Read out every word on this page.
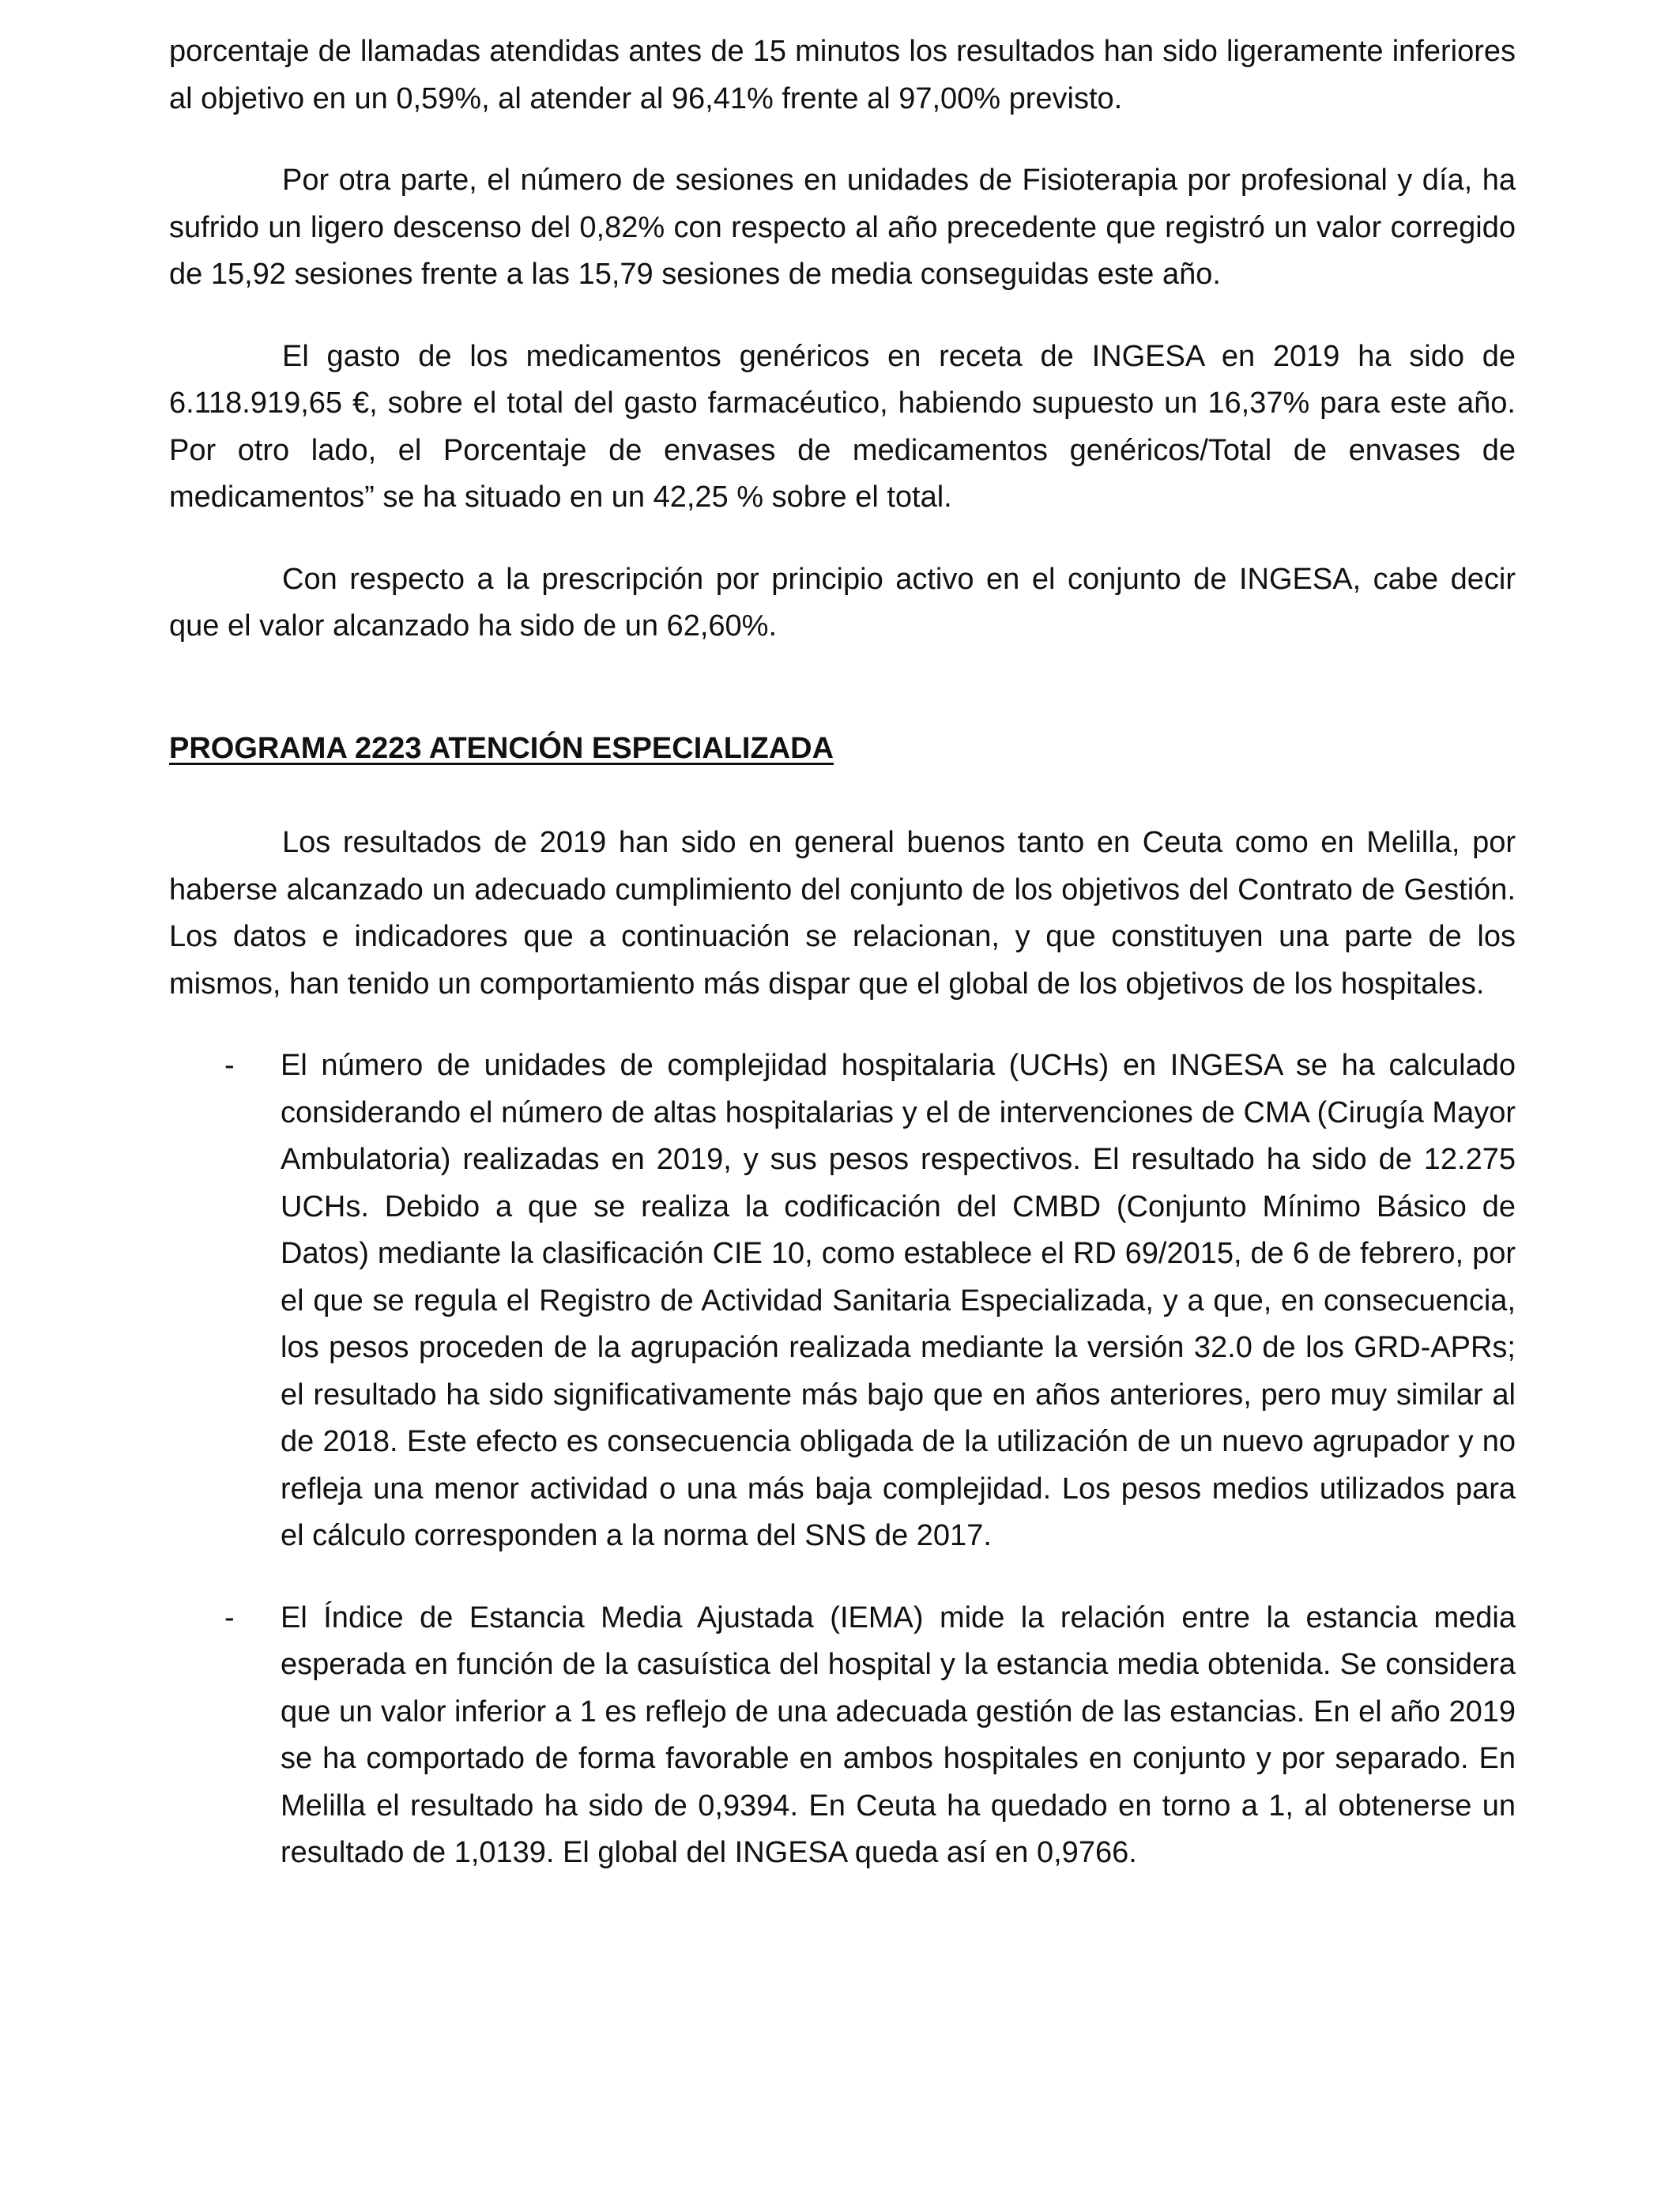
porcentaje de llamadas atendidas antes de 15 minutos los resultados han sido ligeramente inferiores al objetivo en un 0,59%, al atender al 96,41% frente al 97,00% previsto.

Por otra parte, el número de sesiones en unidades de Fisioterapia por profesional y día, ha sufrido un ligero descenso del 0,82% con respecto al año precedente que registró un valor corregido de 15,92 sesiones frente a las 15,79 sesiones de media conseguidas este año.

El gasto de los medicamentos genéricos en receta de INGESA en 2019 ha sido de 6.118.919,65 €, sobre el total del gasto farmacéutico, habiendo supuesto un 16,37% para este año. Por otro lado, el Porcentaje de envases de medicamentos genéricos/Total de envases de medicamentos” se ha situado en un 42,25 % sobre el total.

Con respecto a la prescripción por principio activo en el conjunto de INGESA, cabe decir que el valor alcanzado ha sido de un 62,60%.

PROGRAMA 2223 ATENCIÓN ESPECIALIZADA

Los resultados de 2019 han sido en general buenos tanto en Ceuta como en Melilla, por haberse alcanzado un adecuado cumplimiento del conjunto de los objetivos del Contrato de Gestión. Los datos e indicadores que a continuación se relacionan, y que constituyen una parte de los mismos, han tenido un comportamiento más dispar que el global de los objetivos de los hospitales.

- El número de unidades de complejidad hospitalaria (UCHs) en INGESA se ha calculado considerando el número de altas hospitalarias y el de intervenciones de CMA (Cirugía Mayor Ambulatoria) realizadas en 2019, y sus pesos respectivos. El resultado ha sido de 12.275 UCHs. Debido a que se realiza la codificación del CMBD (Conjunto Mínimo Básico de Datos) mediante la clasificación CIE 10, como establece el RD 69/2015, de 6 de febrero, por el que se regula el Registro de Actividad Sanitaria Especializada, y a que, en consecuencia, los pesos proceden de la agrupación realizada mediante la versión 32.0 de los GRD-APRs; el resultado ha sido significativamente más bajo que en años anteriores, pero muy similar al de 2018. Este efecto es consecuencia obligada de la utilización de un nuevo agrupador y no refleja una menor actividad o una más baja complejidad. Los pesos medios utilizados para el cálculo corresponden a la norma del SNS de 2017.
- El Índice de Estancia Media Ajustada (IEMA) mide la relación entre la estancia media esperada en función de la casuística del hospital y la estancia media obtenida. Se considera que un valor inferior a 1 es reflejo de una adecuada gestión de las estancias. En el año 2019 se ha comportado de forma favorable en ambos hospitales en conjunto y por separado. En Melilla el resultado ha sido de 0,9394. En Ceuta ha quedado en torno a 1, al obtenerse un resultado de 1,0139. El global del INGESA queda así en 0,9766.
